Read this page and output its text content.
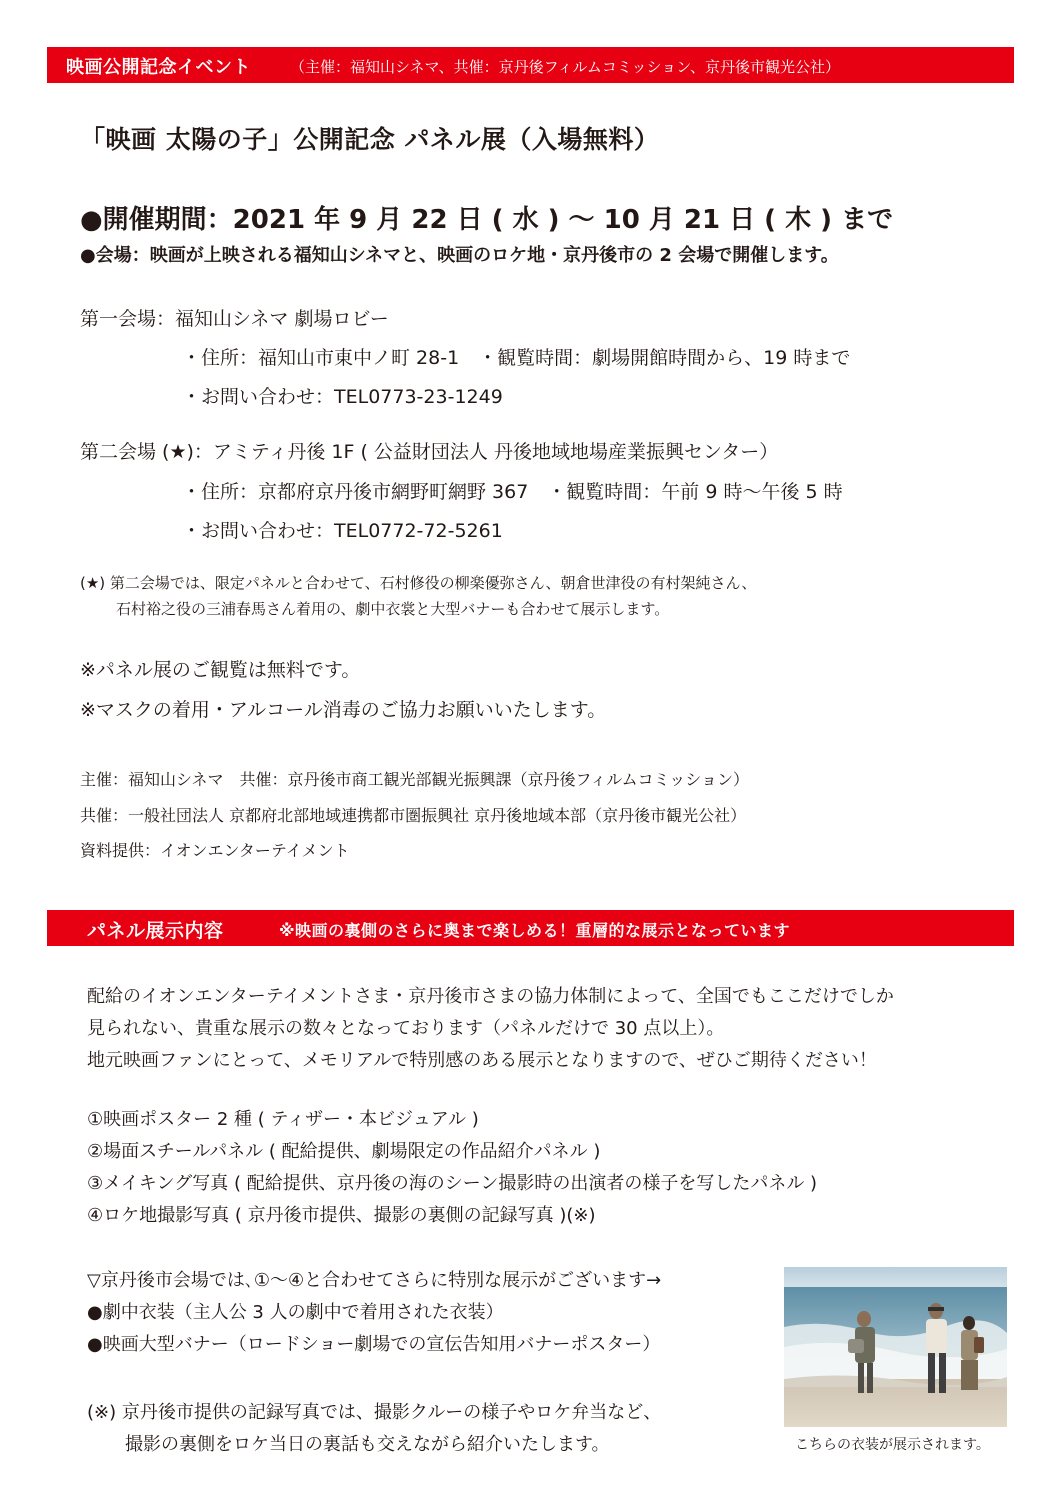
映画公開記念イベント	（主催：福知山シネマ、共催：京丹後フィルムコミッション、京丹後市観光公社）
「映画 太陽の子」公開記念 パネル展（入場無料）
●開催期間：2021 年 9 月 22 日 ( 水 ) ～ 10 月 21 日 ( 木 ) まで
●会場：映画が上映される福知山シネマと、映画のロケ地・京丹後市の 2 会場で開催します。
第一会場：福知山シネマ 劇場ロビー
・住所：福知山市東中ノ町 28-1　・観覧時間：劇場開館時間から、19 時まで
・お問い合わせ：TEL0773-23-1249
第二会場 (★)：アミティ丹後 1F ( 公益財団法人 丹後地域地場産業振興センター）
・住所：京都府京丹後市網野町網野 367　・観覧時間：午前 9 時～午後 5 時
・お問い合わせ：TEL0772-72-5261
(★) 第二会場では、限定パネルと合わせて、石村修役の柳楽優弥さん、朝倉世津役の有村架純さん、
石村裕之役の三浦春馬さん着用の、劇中衣裳と大型バナーも合わせて展示します。
※パネル展のご観覧は無料です。
※マスクの着用・アルコール消毒のご協力お願いいたします。
主催：福知山シネマ　共催：京丹後市商工観光部観光振興課（京丹後フィルムコミッション）
共催：一般社団法人 京都府北部地域連携都市圏振興社 京丹後地域本部（京丹後市観光公社）
資料提供：イオンエンターテイメント
パネル展示内容	※映画の裏側のさらに奥まで楽しめる！重層的な展示となっています
配給のイオンエンターテイメントさま・京丹後市さまの協力体制によって、全国でもここだけでしか
見られない、貴重な展示の数々となっております（パネルだけで 30 点以上）。
地元映画ファンにとって、メモリアルで特別感のある展示となりますので、ぜひご期待ください！
①映画ポスター 2 種 ( ティザー・本ビジュアル )
②場面スチールパネル ( 配給提供、劇場限定の作品紹介パネル )
③メイキング写真 ( 配給提供、京丹後の海のシーン撮影時の出演者の様子を写したパネル )
④ロケ地撮影写真 ( 京丹後市提供、撮影の裏側の記録写真 )(※)
▽京丹後市会場では､①～④と合わせてさらに特別な展示がございます→
●劇中衣装（主人公 3 人の劇中で着用された衣装）
●映画大型バナー（ロードショー劇場での宣伝告知用バナーポスター）
(※) 京丹後市提供の記録写真では、撮影クルーの様子やロケ弁当など、
撮影の裏側をロケ当日の裏話も交えながら紹介いたします。	こちらの衣装が展示されます。
